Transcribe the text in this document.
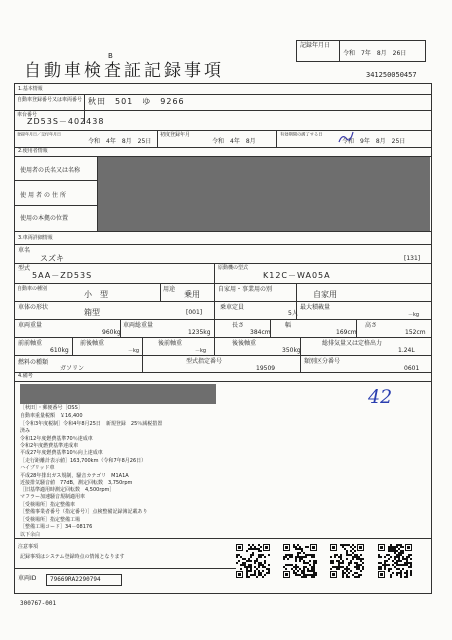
B
自動車検査証記録事項
記録年月日
令和　7年　8月　26日
341250050457
1.基本情報
自動車登録番号又は車両番号 秋田　501　ゆ　9266
車台番号
ZD53S－402438
登録年月日／交付年月日
令和　4年　8月　25日
初度登録年月
令和　4年　8月
有効期間の満了する日
令和　9年　8月　25日
2.使用者情報
使用者の氏名又は名称
使用者の住所
使用の本拠の位置
3.車両詳細情報
車名
スズキ	[131]
型式
5AA－ZD53S
原動機の型式
K12C－WA05A
自動車の種別
小　型
用途
乗用
自家用・事業用の別
自家用
車体の形状
箱型	[001]
乗車定員
5人
最大積載量
－kg
車両重量
960kg
車両総重量
1235kg
長さ
384cm
幅
169cm
高さ
152cm
前前軸重
610kg
前後軸重
－kg
後前軸重
－kg
後後軸重
350kg
総排気量又は定格出力
1.24L
燃料の種類
ガソリン
型式指定番号
19509
類別区分番号
0601
4.備考
42
［秋田］・郵便番号［OSS］
自動車重量税額　￥16,400
［令和3年度税制］令和4年8月25日　新規登録　25％減税措置
済み
令和12年度燃費基準70％達成車
令和2年度燃費基準達成車
平成27年度燃費基準10％向上達成車
［走行距離計表示値］163,700km（令和7年8月26日）
ハイブリッド車
平成28年排出ガス規制，騒音カテゴリ　M1A1A
近接排気騒音値　77dB，測定回転数　3,750rpm
［旧基準適用時測定回転数　4,500rpm］
マフラー加速騒音規制適用車
［受検場所］指定整備車
［整備事業者番号（指定番号）］点検整備記録簿記載あり
［受検場所］指定整備工場
［整備工場コード］34－08176
以下余白
注意事項
記録事項はシステム登録時点の情報となります
車両ID 79669RA2290794
300767-001
